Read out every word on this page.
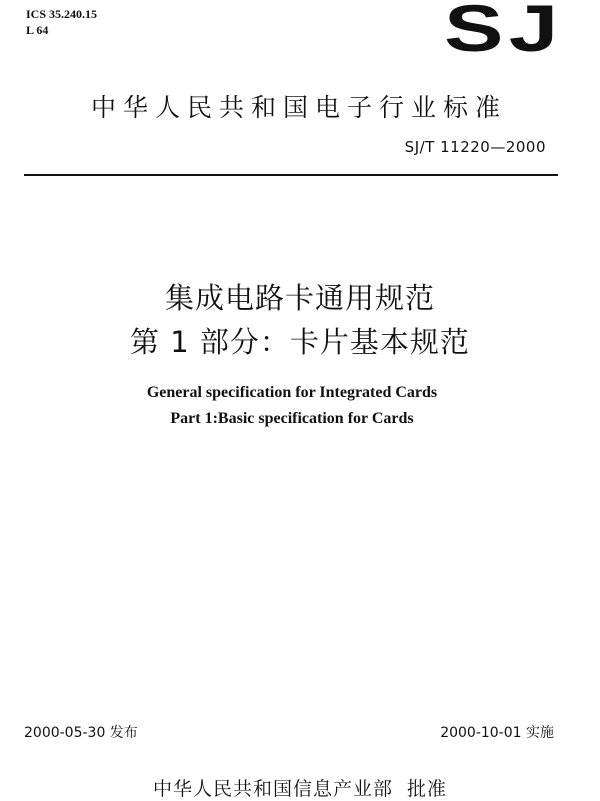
ICS 35.240.15
L 64	SJ
中华人民共和国电子行业标准
SJ/T 11220—2000
集成电路卡通用规范
第 1 部分：卡片基本规范
General specification for Integrated Cards
Part 1:Basic specification for Cards
2000-05-30 发布	2000-10-01 实施
中华人民共和国信息产业部 批准
